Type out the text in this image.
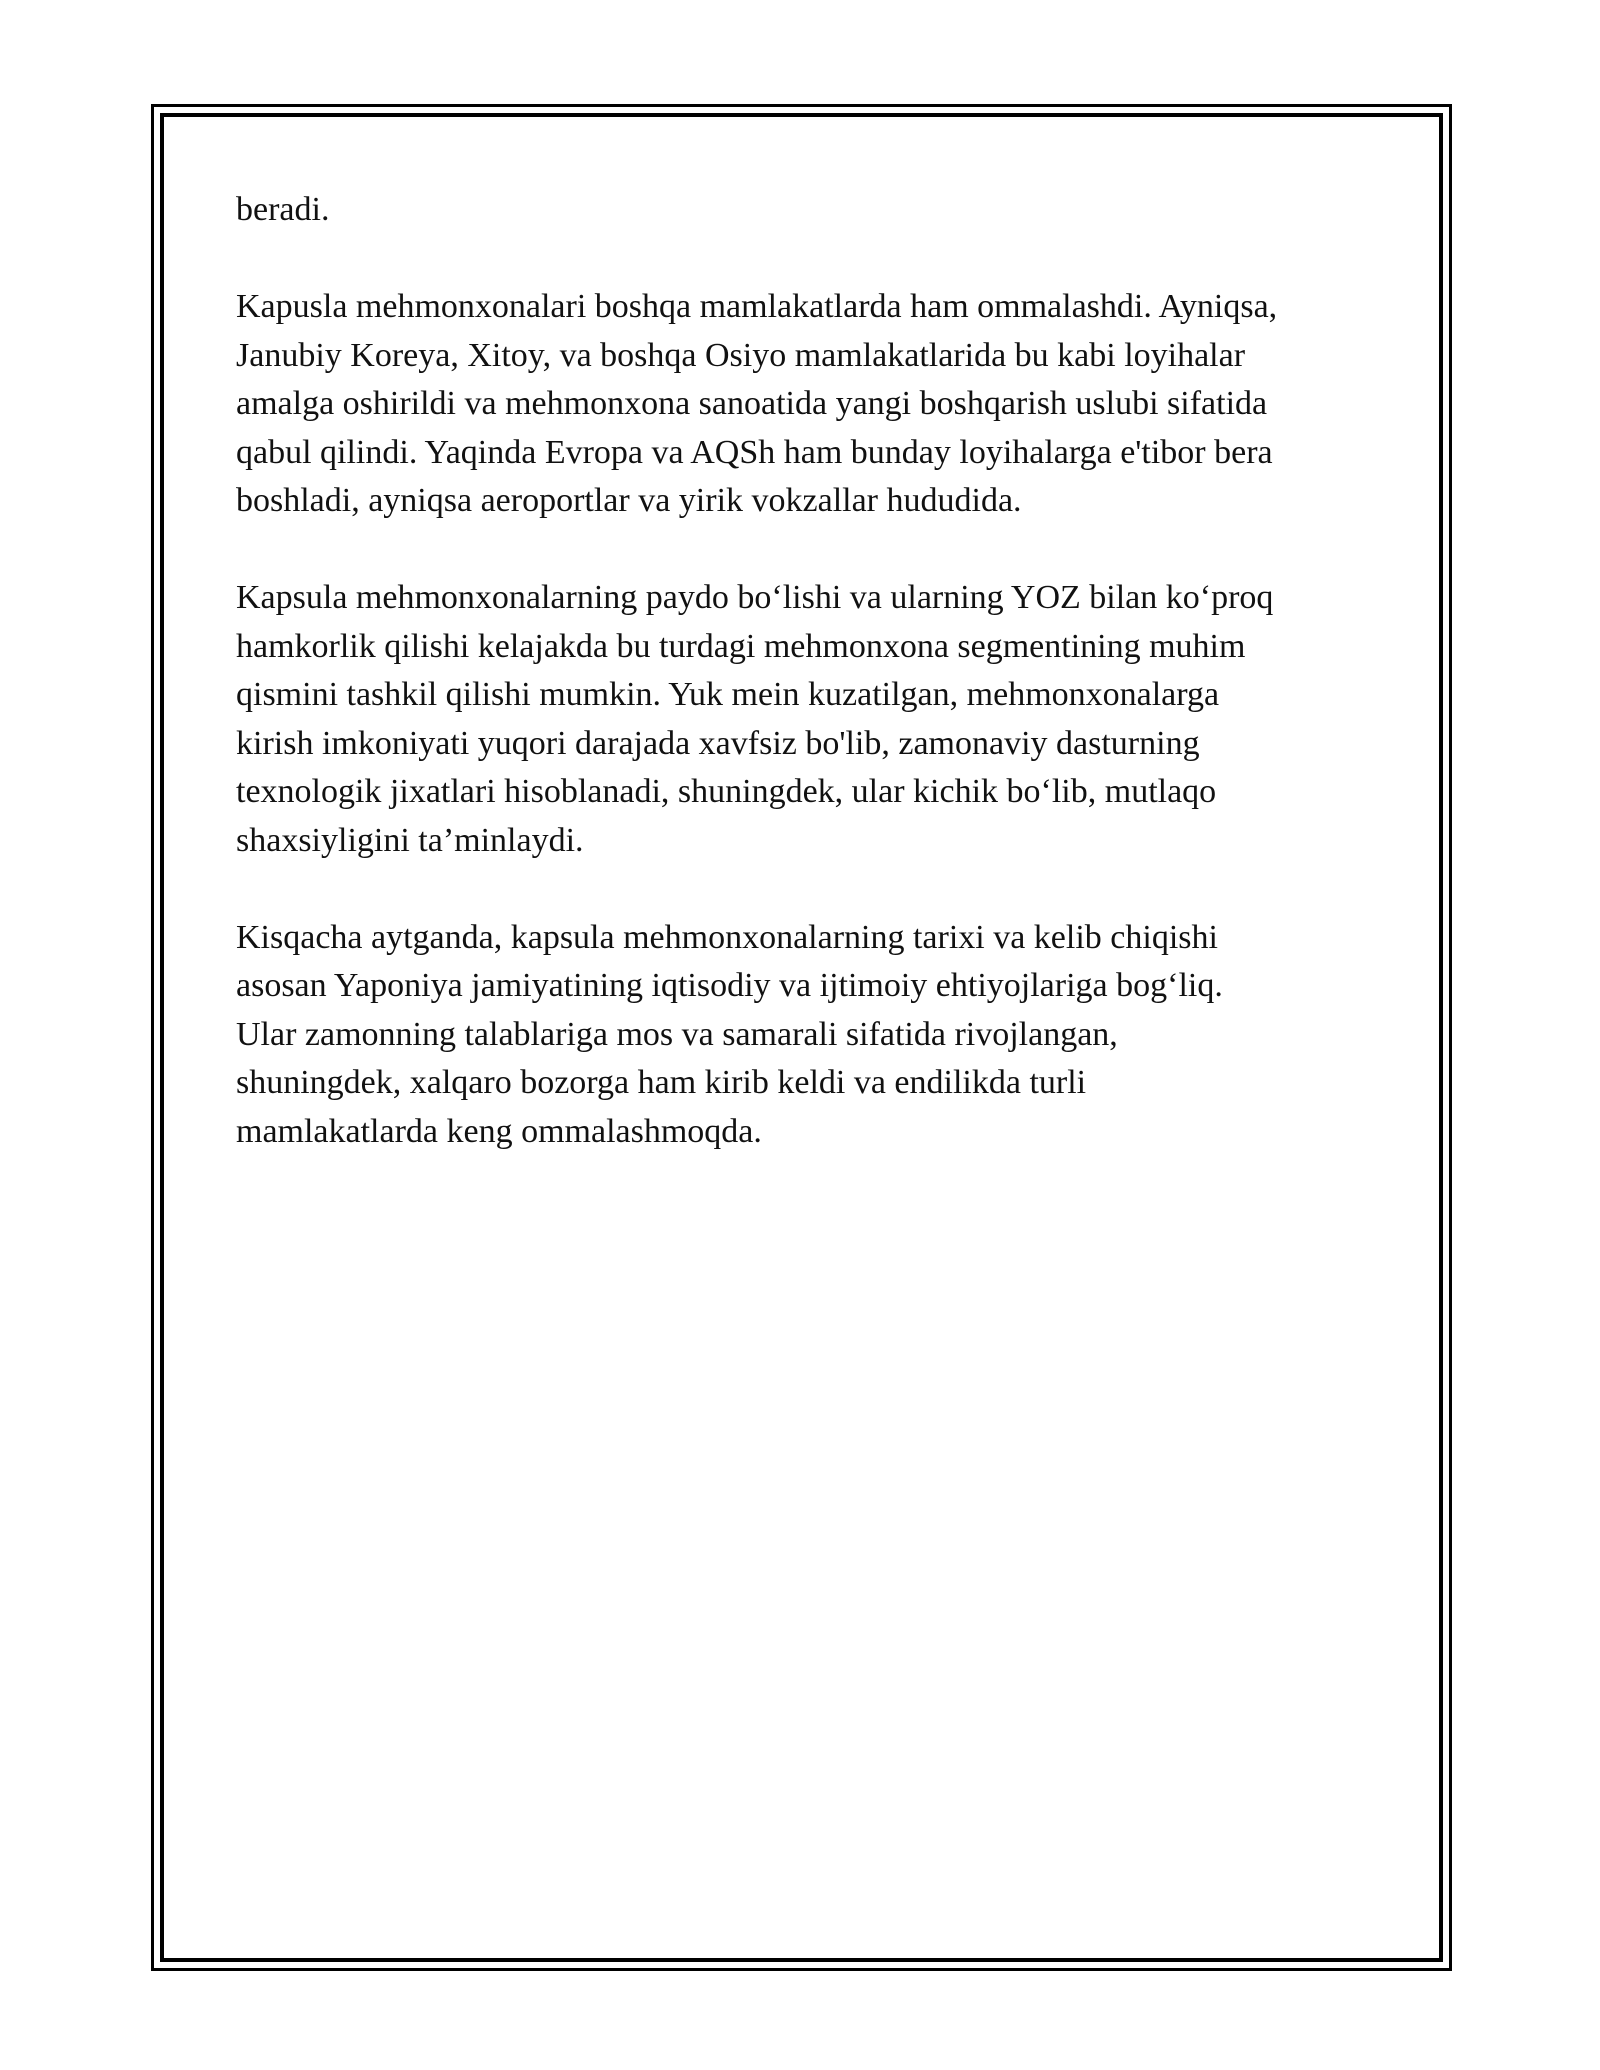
beradi.

Kapusla mehmonxonalari boshqa mamlakatlarda ham ommalashdi. Ayniqsa,
Janubiy Koreya, Xitoy, va boshqa Osiyo mamlakatlarida bu kabi loyihalar
amalga oshirildi va mehmonxona sanoatida yangi boshqarish uslubi sifatida
qabul qilindi. Yaqinda Evropa va AQSh ham bunday loyihalarga e'tibor bera
boshladi, ayniqsa aeroportlar va yirik vokzallar hududida.

Kapsula mehmonxonalarning paydo bo‘lishi va ularning YOZ bilan ko‘proq
hamkorlik qilishi kelajakda bu turdagi mehmonxona segmentining muhim
qismini tashkil qilishi mumkin. Yuk mein kuzatilgan, mehmonxonalarga
kirish imkoniyati yuqori darajada xavfsiz bo'lib, zamonaviy dasturning
texnologik jixatlari hisoblanadi, shuningdek, ular kichik bo‘lib, mutlaqo
shaxsiyligini ta’minlaydi.

Kisqacha aytganda, kapsula mehmonxonalarning tarixi va kelib chiqishi
asosan Yaponiya jamiyatining iqtisodiy va ijtimoiy ehtiyojlariga bog‘liq.
Ular zamonning talablariga mos va samarali sifatida rivojlangan,
shuningdek, xalqaro bozorga ham kirib keldi va endilikda turli
mamlakatlarda keng ommalashmoqda.
